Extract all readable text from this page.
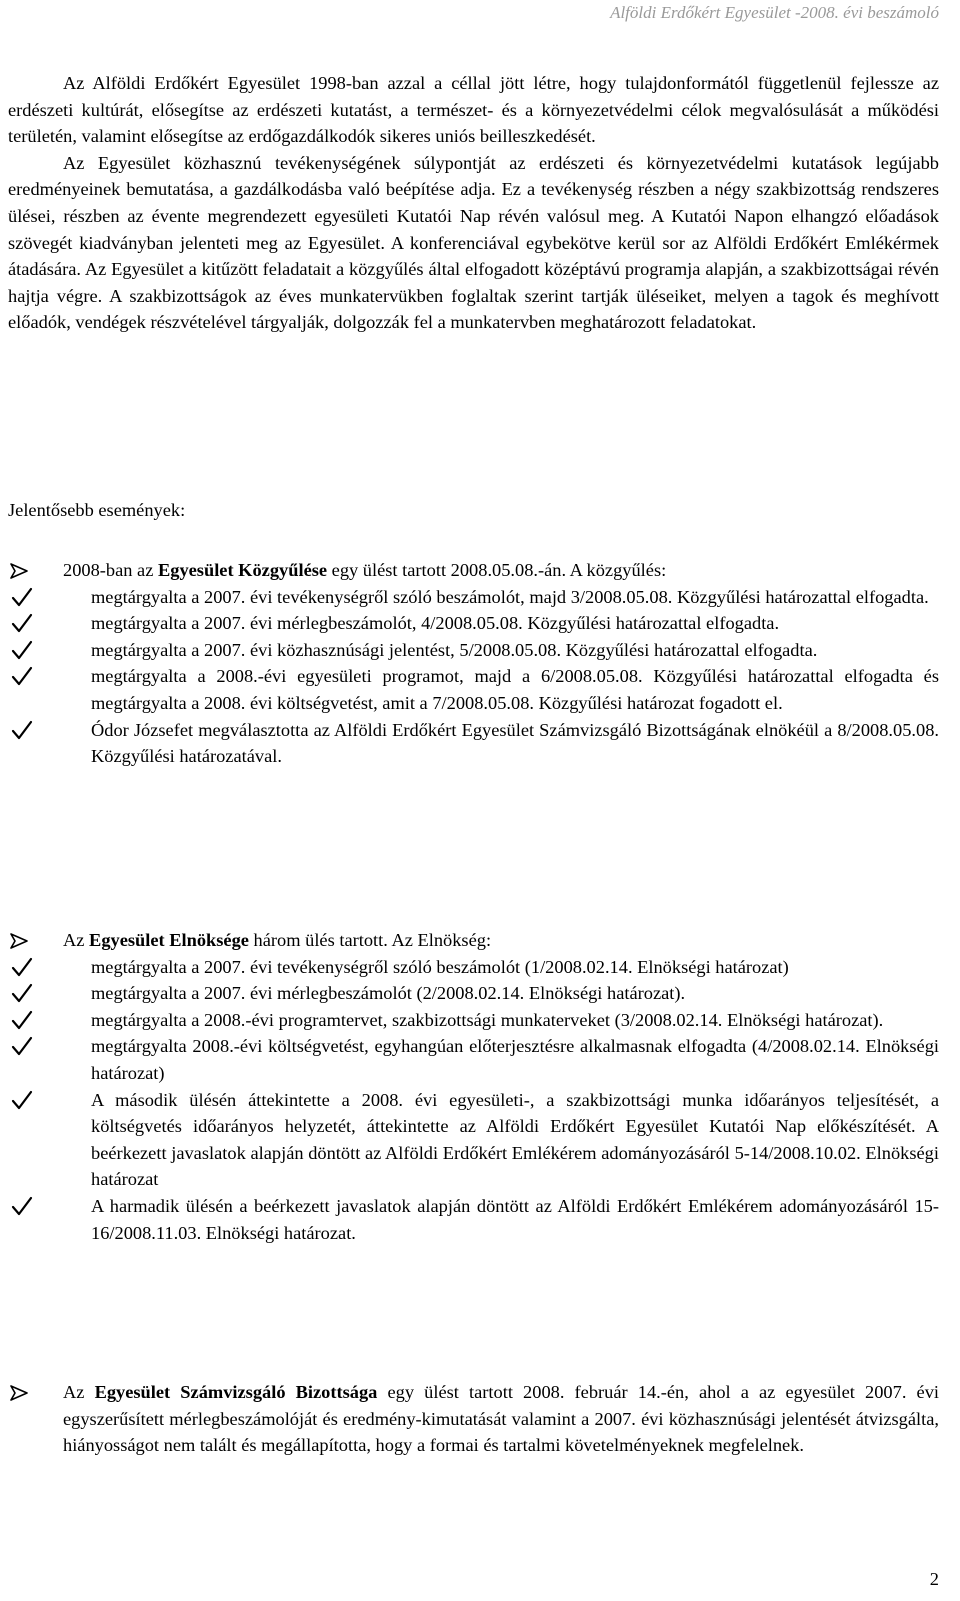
Alföldi Erdőkért Egyesület -2008. évi beszámoló

Az Alföldi Erdőkért Egyesület 1998-ban azzal a céllal jött létre, hogy tulajdonformától függetlenül fejlessze az erdészeti kultúrát, elősegítse az erdészeti kutatást, a természet- és a környezetvédelmi célok megvalósulását a működési területén, valamint elősegítse az erdőgazdálkodók sikeres uniós beilleszkedését.

Az Egyesület közhasznú tevékenységének súlypontját az erdészeti és környezetvédelmi kutatások legújabb eredményeinek bemutatása, a gazdálkodásba való beépítése adja. Ez a tevékenység részben a négy szakbizottság rendszeres ülései, részben az évente megrendezett egyesületi Kutatói Nap révén valósul meg. A Kutatói Napon elhangzó előadások szövegét kiadványban jelenteti meg az Egyesület. A konferenciával egybekötve kerül sor az Alföldi Erdőkért Emlékérmek átadására. Az Egyesület a kitűzött feladatait a közgyűlés által elfogadott középtávú programja alapján, a szakbizottságai révén hajtja végre. A szakbizottságok az éves munkatervükben foglaltak szerint tartják üléseiket, melyen a tagok és meghívott előadók, vendégek részvételével tárgyalják, dolgozzák fel a munkatervben meghatározott feladatokat.

Jelentősebb események:
2008-ban az Egyesület Közgyűlése egy ülést tartott 2008.05.08.-án. A közgyűlés:
megtárgyalta a 2007. évi tevékenységről szóló beszámolót, majd 3/2008.05.08. Közgyűlési határozattal elfogadta.
megtárgyalta a 2007. évi mérlegbeszámolót, 4/2008.05.08. Közgyűlési határozattal elfogadta.
megtárgyalta a 2007. évi közhasznúsági jelentést, 5/2008.05.08. Közgyűlési határozattal elfogadta.
megtárgyalta a 2008.-évi egyesületi programot, majd a 6/2008.05.08. Közgyűlési határozattal elfogadta és megtárgyalta a 2008. évi költségvetést, amit a 7/2008.05.08. Közgyűlési határozat fogadott el.
Ódor Józsefet megválasztotta az Alföldi Erdőkért Egyesület Számvizsgáló Bizottságának elnökéül a 8/2008.05.08. Közgyűlési határozatával.
Az Egyesület Elnöksége három ülés tartott. Az Elnökség:
megtárgyalta a 2007. évi tevékenységről szóló beszámolót (1/2008.02.14. Elnökségi határozat)
megtárgyalta a 2007. évi mérlegbeszámolót (2/2008.02.14. Elnökségi határozat).
megtárgyalta a 2008.-évi programtervet, szakbizottsági munkaterveket (3/2008.02.14. Elnökségi határozat).
megtárgyalta 2008.-évi költségvetést, egyhangúan előterjesztésre alkalmasnak elfogadta (4/2008.02.14. Elnökségi határozat)
A második ülésén áttekintette a 2008. évi egyesületi-, a szakbizottsági munka időarányos teljesítését, a költségvetés időarányos helyzetét, áttekintette az Alföldi Erdőkért Egyesület Kutatói Nap előkészítését. A beérkezett javaslatok alapján döntött az Alföldi Erdőkért Emlékérem adományozásáról 5-14/2008.10.02. Elnökségi határozat
A harmadik ülésén a beérkezett javaslatok alapján döntött az Alföldi Erdőkért Emlékérem adományozásáról 15-16/2008.11.03. Elnökségi határozat.
Az Egyesület Számvizsgáló Bizottsága egy ülést tartott 2008. február 14.-én, ahol a az egyesület 2007. évi egyszerűsített mérlegbeszámolóját és eredmény-kimutatását valamint a 2007. évi közhasznúsági jelentését átvizsgálta, hiányosságot nem talált és megállapította, hogy a formai és tartalmi követelményeknek megfelelnek.
2
